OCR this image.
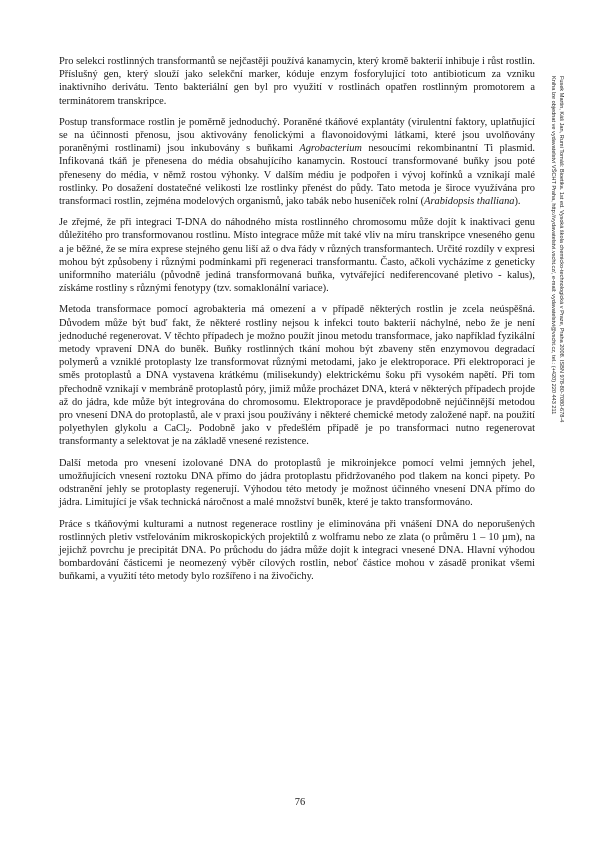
Pro selekci rostlinných transformantů se nejčastěji používá kanamycin, který kromě bakterií inhibuje i růst rostlin. Příslušný gen, který slouží jako selekční marker, kóduje enzym fosforylující toto antibioticum za vzniku inaktivního derivátu. Tento bakteriální gen byl pro využití v rostlinách opatřen rostlinným promotorem a terminátorem transkripce.

Postup transformace rostlin je poměrně jednoduchý. Poraněné tkáňové explantáty (virulentní faktory, uplatňující se na účinnosti přenosu, jsou aktivovány fenolickými a flavonoidovými látkami, které jsou uvolňovány poraněnými rostlinami) jsou inkubovány s buňkami Agrobacterium nesoucími rekombinantní Ti plasmid. Infikovaná tkáň je přenesena do média obsahujícího kanamycin. Rostoucí transformované buňky jsou poté přeneseny do média, v němž rostou výhonky. V dalším médiu je podpořen i vývoj kořínků a vznikají malé rostlinky. Po dosažení dostatečné velikosti lze rostlinky přenést do půdy. Tato metoda je široce využívána pro transformaci rostlin, zejména modelových organismů, jako tabák nebo huseníček rolní (Arabidopsis thalliana).

Je zřejmé, že při integraci T-DNA do náhodného místa rostlinného chromosomu může dojít k inaktivaci genu důležitého pro transformovanou rostlinu. Místo integrace může mít také vliv na míru transkripce vneseného genu a je běžné, že se míra exprese stejného genu liší až o dva řády v různých transformantech. Určité rozdíly v expresi mohou být způsobeny i různými podmínkami při regeneraci transformantu. Často, ačkoli vycházíme z geneticky uniformního materiálu (původně jediná transformovaná buňka, vytvářející nediferencované pletivo - kalus), získáme rostliny s různými fenotypy (tzv. somaklonální variace).

Metoda transformace pomocí agrobakteria má omezení a v případě některých rostlin je zcela neúspěšná. Důvodem může být buď fakt, že některé rostliny nejsou k infekci touto bakterií náchylné, nebo že je není jednoduché regenerovat. V těchto případech je možno použít jinou metodu transformace, jako například fyzikální metody vpravení DNA do buněk. Buňky rostlinných tkání mohou být zbaveny stěn enzymovou degradací polymerů a vzniklé protoplasty lze transformovat různými metodami, jako je elektroporace. Při elektroporaci je směs protoplastů a DNA vystavena krátkému (milisekundy) elektrickému šoku při vysokém napětí. Při tom přechodně vznikají v membráně protoplastů póry, jimiž může procházet DNA, která v některých případech projde až do jádra, kde může být integrována do chromosomu. Elektroporace je pravděpodobně nejúčinnější metodou pro vnesení DNA do protoplastů, ale v praxi jsou používány i některé chemické metody založené např. na použití polyethylen glykolu a CaCl$_2$. Podobně jako v předešlém případě je po transformaci nutno regenerovat transformanty a selektovat je na základě vnesené rezistence.

Další metoda pro vnesení izolované DNA do protoplastů je mikroinjekce pomocí velmi jemných jehel, umožňujících vnesení roztoku DNA přímo do jádra protoplastu přidržovaného pod tlakem na konci pipety. Po odstranění jehly se protoplasty regenerují. Výhodou této metody je možnost účinného vnesení DNA přímo do jádra. Limitující je však technická náročnost a malé množství buněk, které je takto transformováno.

Práce s tkáňovými kulturami a nutnost regenerace rostliny je eliminována při vnášení DNA do neporušených rostlinných pletiv vstřelováním mikroskopických projektilů z wolframu nebo ze zlata (o průměru 1 – 10 µm), na jejichž povrchu je precipitát DNA. Po průchodu do jádra může dojít k integraci vnesené DNA. Hlavní výhodou bombardování částicemi je neomezený výběr cílových rostlin, neboť částice mohou v zásadě pronikat všemi buňkami, a využití této metody bylo rozšířeno i na živočichy.

Fusek Martin, Káš Jan, Rumi Tomáš: Bioetika. 1st ed. Vysoká škola chemicko-technologická v Praze, Praha 2008. ISBN 978-80-7080-678-4
Kniha lze objednat ve vydavatelství VŠCHT Praha, http://vydavatelstvi.vscht.cz/, e-mail: vydavatelstvi@vscht.cz, tel.: (+420) 220 443 211
76
